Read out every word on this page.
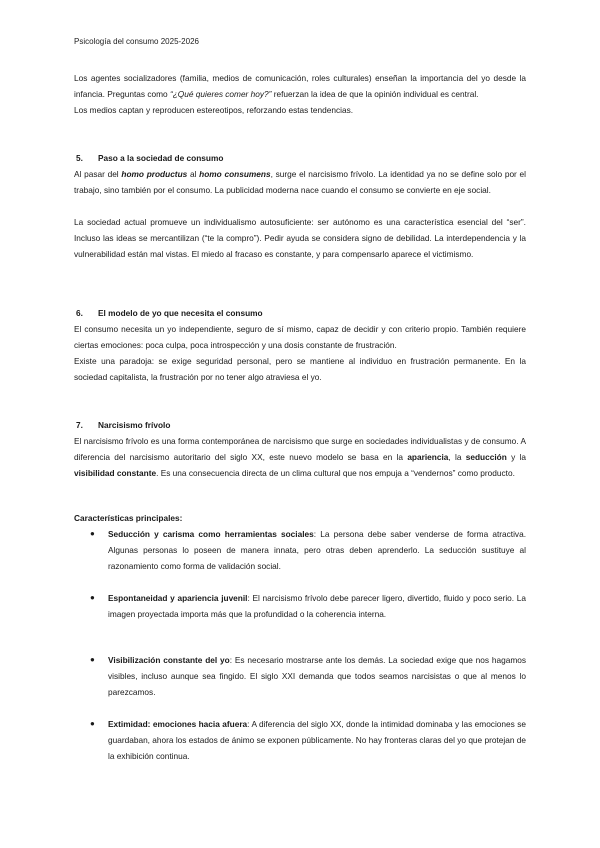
Psicología del consumo 2025-2026

Los agentes socializadores (familia, medios de comunicación, roles culturales) enseñan la importancia del yo desde la infancia. Preguntas como “¿Qué quieres comer hoy?” refuerzan la idea de que la opinión individual es central.

Los medios captan y reproducen estereotipos, reforzando estas tendencias.

5.	Paso a la sociedad de consumo

Al pasar del homo productus al homo consumens, surge el narcisismo frívolo. La identidad ya no se define solo por el trabajo, sino también por el consumo. La publicidad moderna nace cuando el consumo se convierte en eje social.

La sociedad actual promueve un individualismo autosuficiente: ser autónomo es una característica esencial del “ser”. Incluso las ideas se mercantilizan (“te la compro”). Pedir ayuda se considera signo de debilidad. La interdependencia y la vulnerabilidad están mal vistas. El miedo al fracaso es constante, y para compensarlo aparece el victimismo.

6.	El modelo de yo que necesita el consumo

El consumo necesita un yo independiente, seguro de sí mismo, capaz de decidir y con criterio propio. También requiere ciertas emociones: poca culpa, poca introspección y una dosis constante de frustración.

Existe una paradoja: se exige seguridad personal, pero se mantiene al individuo en frustración permanente. En la sociedad capitalista, la frustración por no tener algo atraviesa el yo.

7.	Narcisismo frívolo

El narcisismo frívolo es una forma contemporánea de narcisismo que surge en sociedades individualistas y de consumo. A diferencia del narcisismo autoritario del siglo XX, este nuevo modelo se basa en la apariencia, la seducción y la visibilidad constante. Es una consecuencia directa de un clima cultural que nos empuja a “vendernos” como producto.

Características principales:
●	Seducción y carisma como herramientas sociales: La persona debe saber venderse de forma atractiva. Algunas personas lo poseen de manera innata, pero otras deben aprenderlo. La seducción sustituye al razonamiento como forma de validación social.

●	Espontaneidad y apariencia juvenil: El narcisismo frívolo debe parecer ligero, divertido, fluido y poco serio. La imagen proyectada importa más que la profundidad o la coherencia interna.

●	Visibilización constante del yo: Es necesario mostrarse ante los demás. La sociedad exige que nos hagamos visibles, incluso aunque sea fingido. El siglo XXI demanda que todos seamos narcisistas o que al menos lo parezcamos.

●	Extimidad: emociones hacia afuera: A diferencia del siglo XX, donde la intimidad dominaba y las emociones se guardaban, ahora los estados de ánimo se exponen públicamente. No hay fronteras claras del yo que protejan de la exhibición continua.
